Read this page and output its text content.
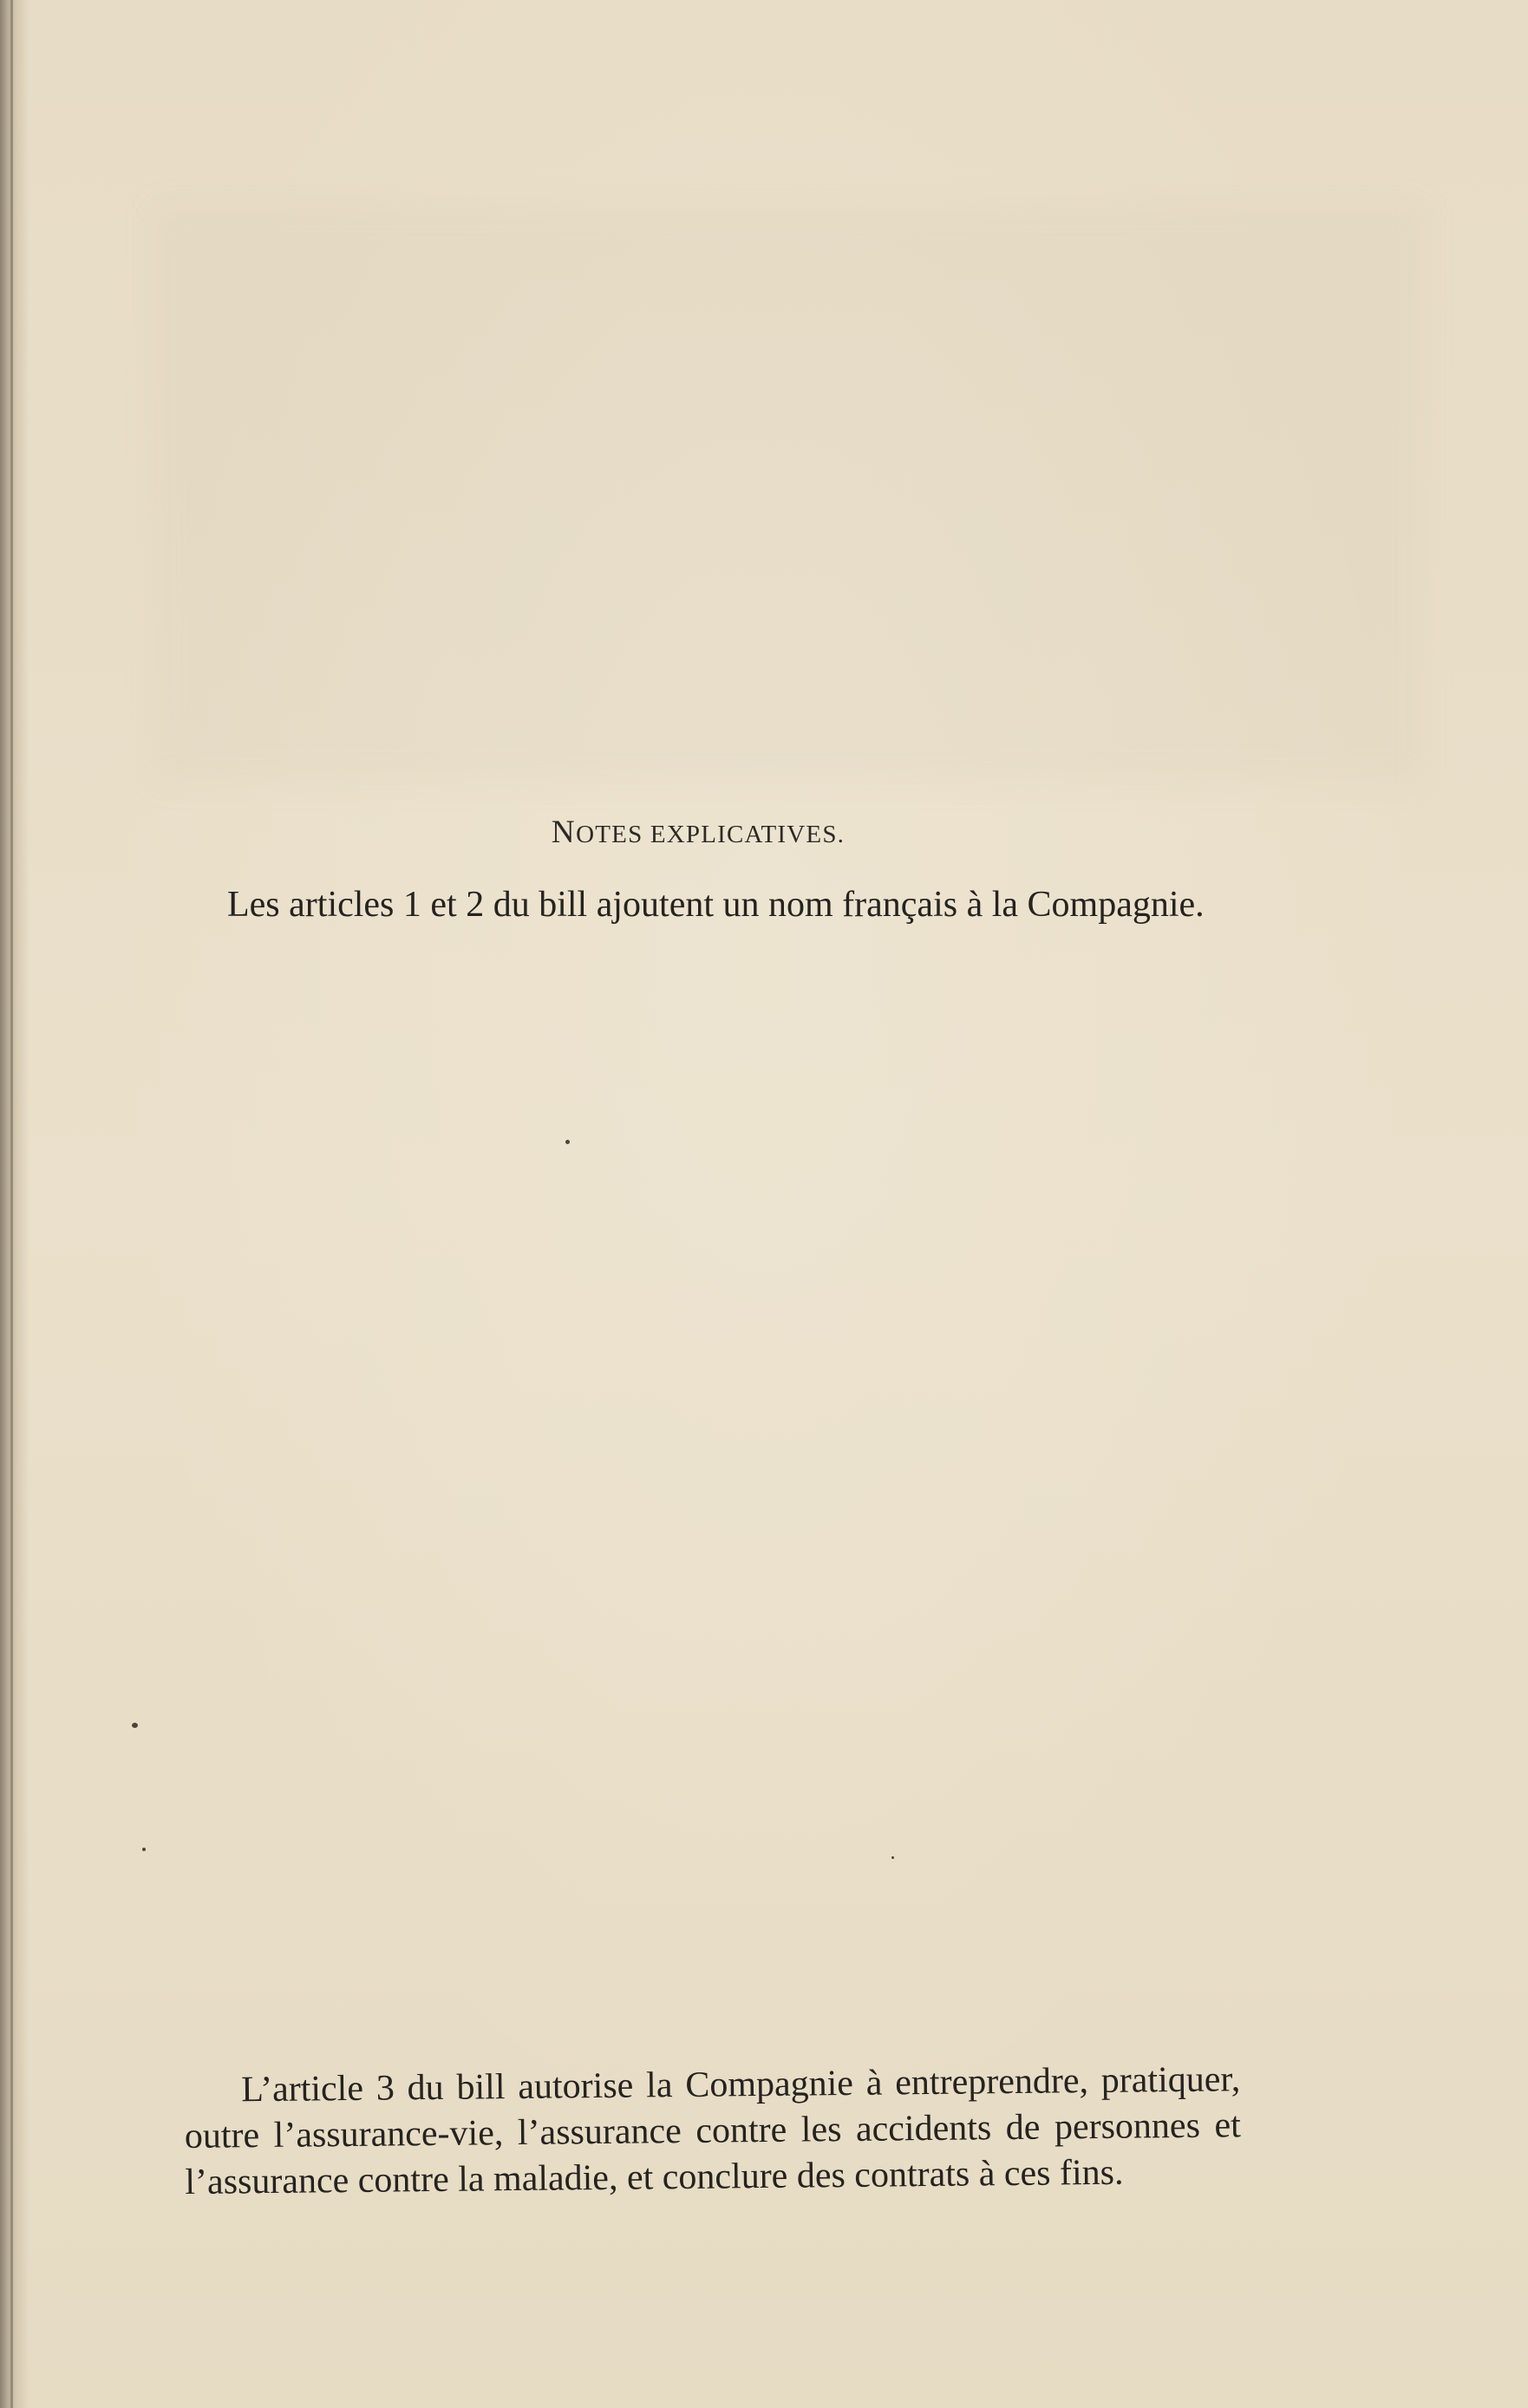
NOTES EXPLICATIVES.
Les articles 1 et 2 du bill ajoutent un nom français à la Compagnie.
L’article 3 du bill autorise la Compagnie à entreprendre, pratiquer, outre l’assurance-vie, l’assurance contre les accidents de personnes et l’assurance contre la maladie, et conclure des contrats à ces fins.
